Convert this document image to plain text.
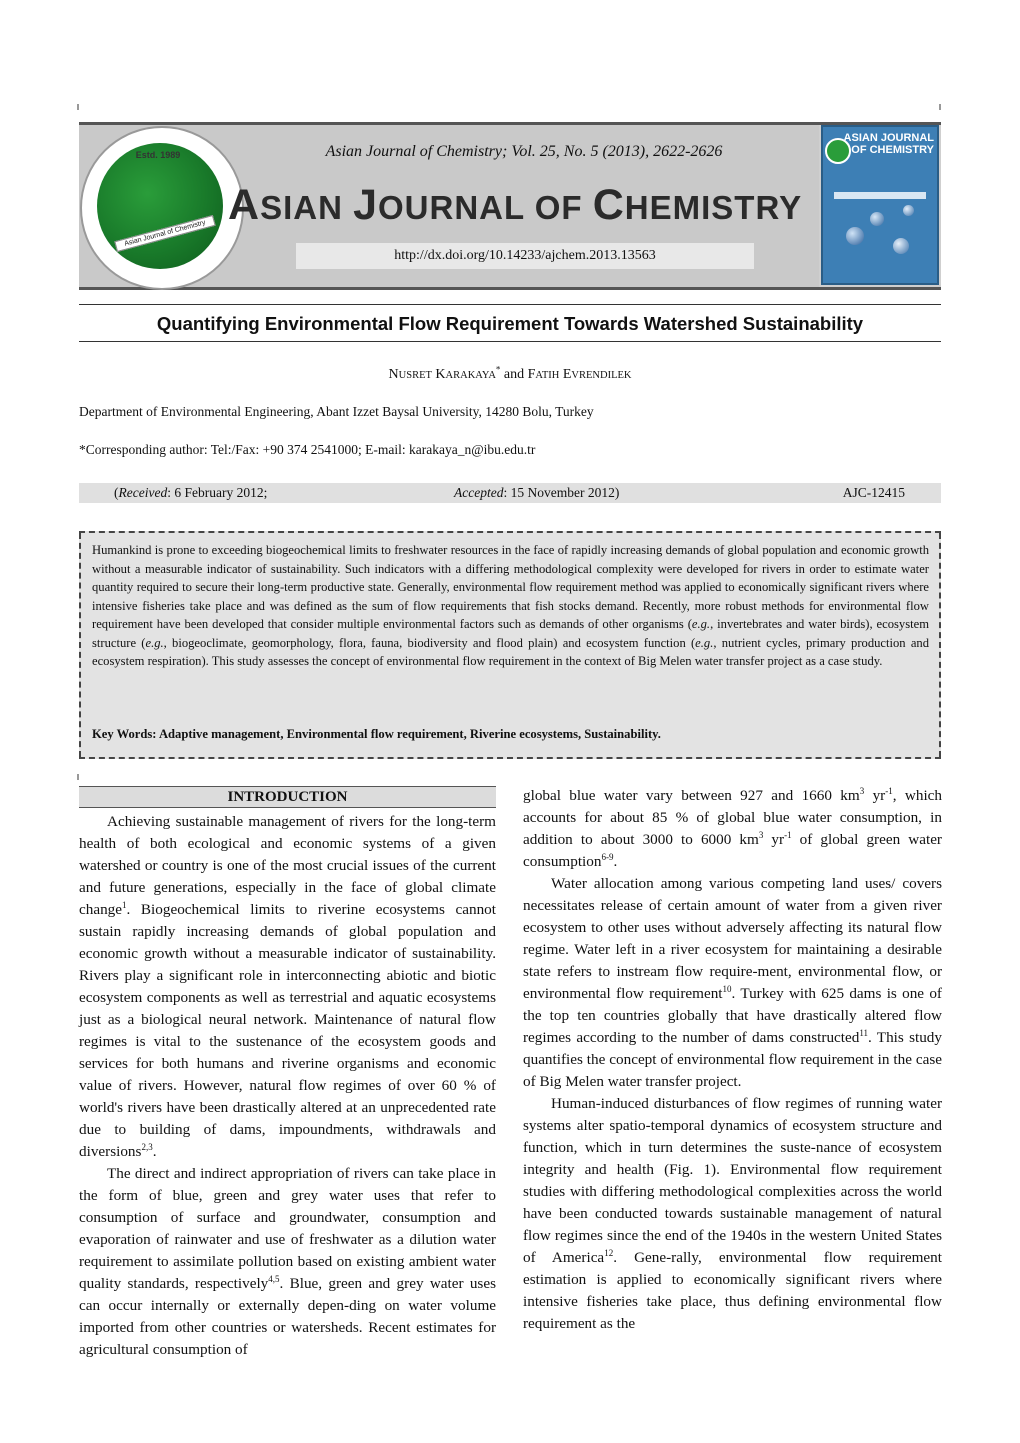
Estd. 1989
Asian Journal of Chemistry
Asian Journal of Chemistry; Vol. 25, No. 5 (2013), 2622-2626
ASIAN JOURNAL OF CHEMISTRY
http://dx.doi.org/10.14233/ajchem.2013.13563
ASIAN JOURNAL OF CHEMISTRY
Quantifying Environmental Flow Requirement Towards Watershed Sustainability
NUSRET KARAKAYA* and FATIH EVRENDILEK
Department of Environmental Engineering, Abant Izzet Baysal University, 14280 Bolu, Turkey
*Corresponding author: Tel:/Fax: +90 374 2541000; E-mail: karakaya_n@ibu.edu.tr
(Received: 6 February 2012;	Accepted: 15 November 2012)	AJC-12415
Humankind is prone to exceeding biogeochemical limits to freshwater resources in the face of rapidly increasing demands of global population and economic growth without a measurable indicator of sustainability. Such indicators with a differing methodological complexity were developed for rivers in order to estimate water quantity required to secure their long-term productive state. Generally, environmental flow requirement method was applied to economically significant rivers where intensive fisheries take place and was defined as the sum of flow requirements that fish stocks demand. Recently, more robust methods for environmental flow requirement have been developed that consider multiple environmental factors such as demands of other organisms (e.g., invertebrates and water birds), ecosystem structure (e.g., biogeoclimate, geomorphology, flora, fauna, biodiversity and flood plain) and ecosystem function (e.g., nutrient cycles, primary production and ecosystem respiration). This study assesses the concept of environmental flow requirement in the context of Big Melen water transfer project as a case study.
Key Words: Adaptive management, Environmental flow requirement, Riverine ecosystems, Sustainability.
INTRODUCTION

Achieving sustainable management of rivers for the long-term health of both ecological and economic systems of a given watershed or country is one of the most crucial issues of the current and future generations, especially in the face of global climate change$^1$. Biogeochemical limits to riverine ecosystems cannot sustain rapidly increasing demands of global population and economic growth without a measurable indicator of sustainability. Rivers play a significant role in interconnecting abiotic and biotic ecosystem components as well as terrestrial and aquatic ecosystems just as a biological neural network. Maintenance of natural flow regimes is vital to the sustenance of the ecosystem goods and services for both humans and riverine organisms and economic value of rivers. However, natural flow regimes of over 60 % of world's rivers have been drastically altered at an unprecedented rate due to building of dams, impoundments, withdrawals and diversions$^{2,3}$.

The direct and indirect appropriation of rivers can take place in the form of blue, green and grey water uses that refer to consumption of surface and groundwater, consumption and evaporation of rainwater and use of freshwater as a dilution water requirement to assimilate pollution based on existing ambient water quality standards, respectively$^{4,5}$. Blue, green and grey water uses can occur internally or externally depen-ding on water volume imported from other countries or watersheds. Recent estimates for agricultural consumption of

global blue water vary between 927 and 1660 $km^3$ $yr^{-1}$, which accounts for about 85 % of global blue water consumption, in addition to about 3000 to 6000 $km^3$ $yr^{-1}$ of global green water consumption$^{6-9}$.

Water allocation among various competing land uses/ covers necessitates release of certain amount of water from a given river ecosystem to other uses without adversely affecting its natural flow regime. Water left in a river ecosystem for maintaining a desirable state refers to instream flow require-ment, environmental flow, or environmental flow requirement$^{10}$. Turkey with 625 dams is one of the top ten countries globally that have drastically altered flow regimes according to the number of dams constructed$^{11}$. This study quantifies the concept of environmental flow requirement in the case of Big Melen water transfer project.

Human-induced disturbances of flow regimes of running water systems alter spatio-temporal dynamics of ecosystem structure and function, which in turn determines the suste-nance of ecosystem integrity and health (Fig. 1). Environmental flow requirement studies with differing methodological complexities across the world have been conducted towards sustainable management of natural flow regimes since the end of the 1940s in the western United States of America$^{12}$. Gene-rally, environmental flow requirement estimation is applied to economically significant rivers where intensive fisheries take place, thus defining environmental flow requirement as the
